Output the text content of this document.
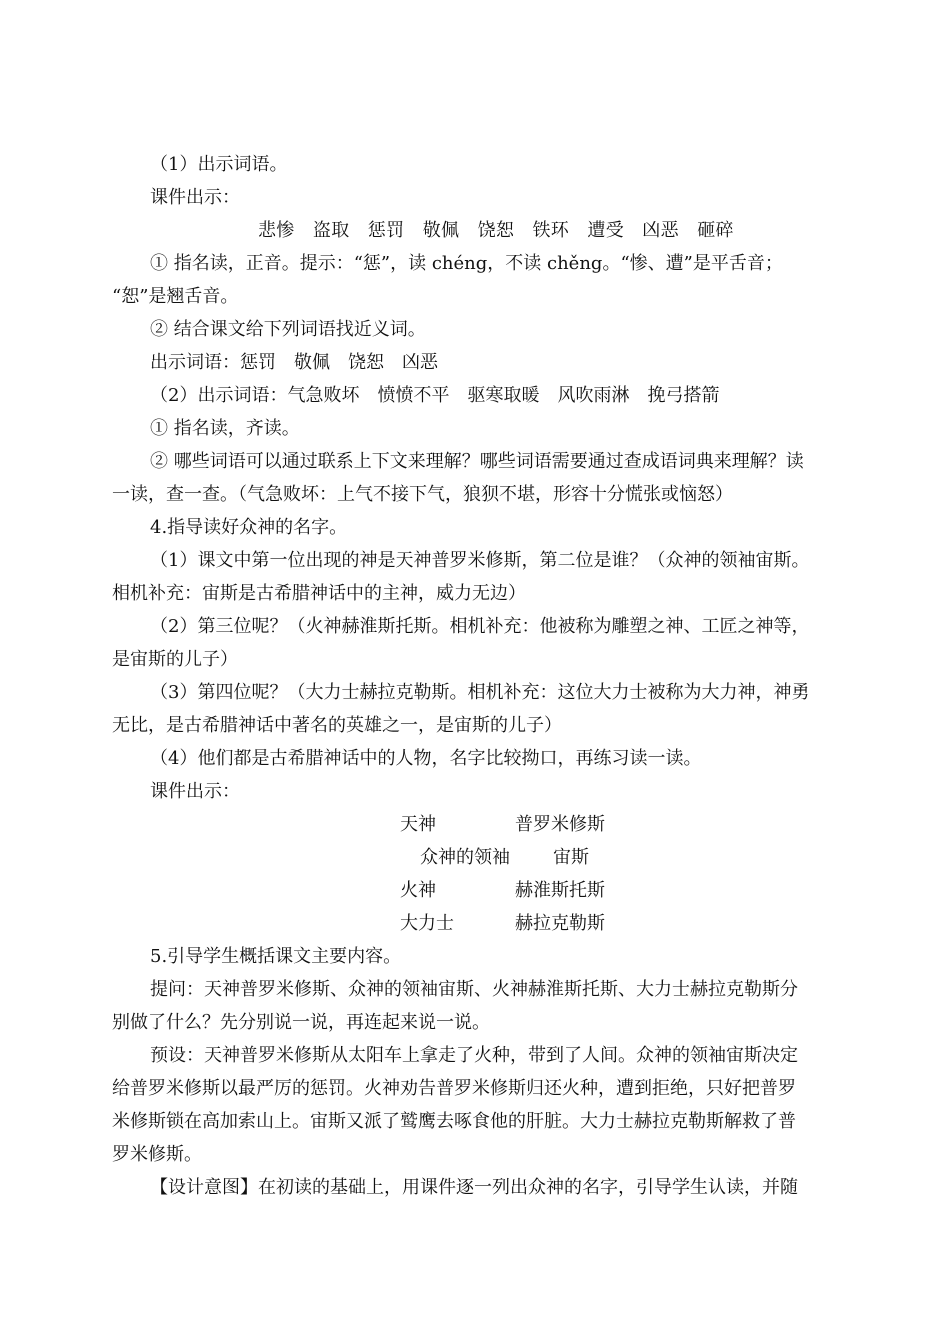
（1）出示词语。

课件出示：

悲惨　盗取　惩罚　敬佩　饶恕　铁环　遭受　凶恶　砸碎

① 指名读，正音。提示：“惩”，读 chéng，不读 chěng。“惨、遭”是平舌音；

“恕”是翘舌音。

② 结合课文给下列词语找近义词。

出示词语：惩罚　敬佩　饶恕　凶恶

（2）出示词语：气急败坏　愤愤不平　驱寒取暖　风吹雨淋　挽弓搭箭

① 指名读，齐读。

② 哪些词语可以通过联系上下文来理解？哪些词语需要通过查成语词典来理解？读

一读，查一查。（气急败坏：上气不接下气，狼狈不堪，形容十分慌张或恼怒）

4.指导读好众神的名字。

（1）课文中第一位出现的神是天神普罗米修斯，第二位是谁？（众神的领袖宙斯。

相机补充：宙斯是古希腊神话中的主神，威力无边）

（2）第三位呢？（火神赫淮斯托斯。相机补充：他被称为雕塑之神、工匠之神等，

是宙斯的儿子）

（3）第四位呢？（大力士赫拉克勒斯。相机补充：这位大力士被称为大力神，神勇

无比，是古希腊神话中著名的英雄之一，是宙斯的儿子）

（4）他们都是古希腊神话中的人物，名字比较拗口，再练习读一读。

课件出示：

天神	普罗米修斯
众神的领袖 宙斯
火神	赫淮斯托斯
大力士	赫拉克勒斯

5.引导学生概括课文主要内容。

提问：天神普罗米修斯、众神的领袖宙斯、火神赫淮斯托斯、大力士赫拉克勒斯分

别做了什么？先分别说一说，再连起来说一说。

预设：天神普罗米修斯从太阳车上拿走了火种，带到了人间。众神的领袖宙斯决定

给普罗米修斯以最严厉的惩罚。火神劝告普罗米修斯归还火种，遭到拒绝，只好把普罗

米修斯锁在高加索山上。宙斯又派了鹫鹰去啄食他的肝脏。大力士赫拉克勒斯解救了普

罗米修斯。

【设计意图】在初读的基础上，用课件逐一列出众神的名字，引导学生认读，并随
